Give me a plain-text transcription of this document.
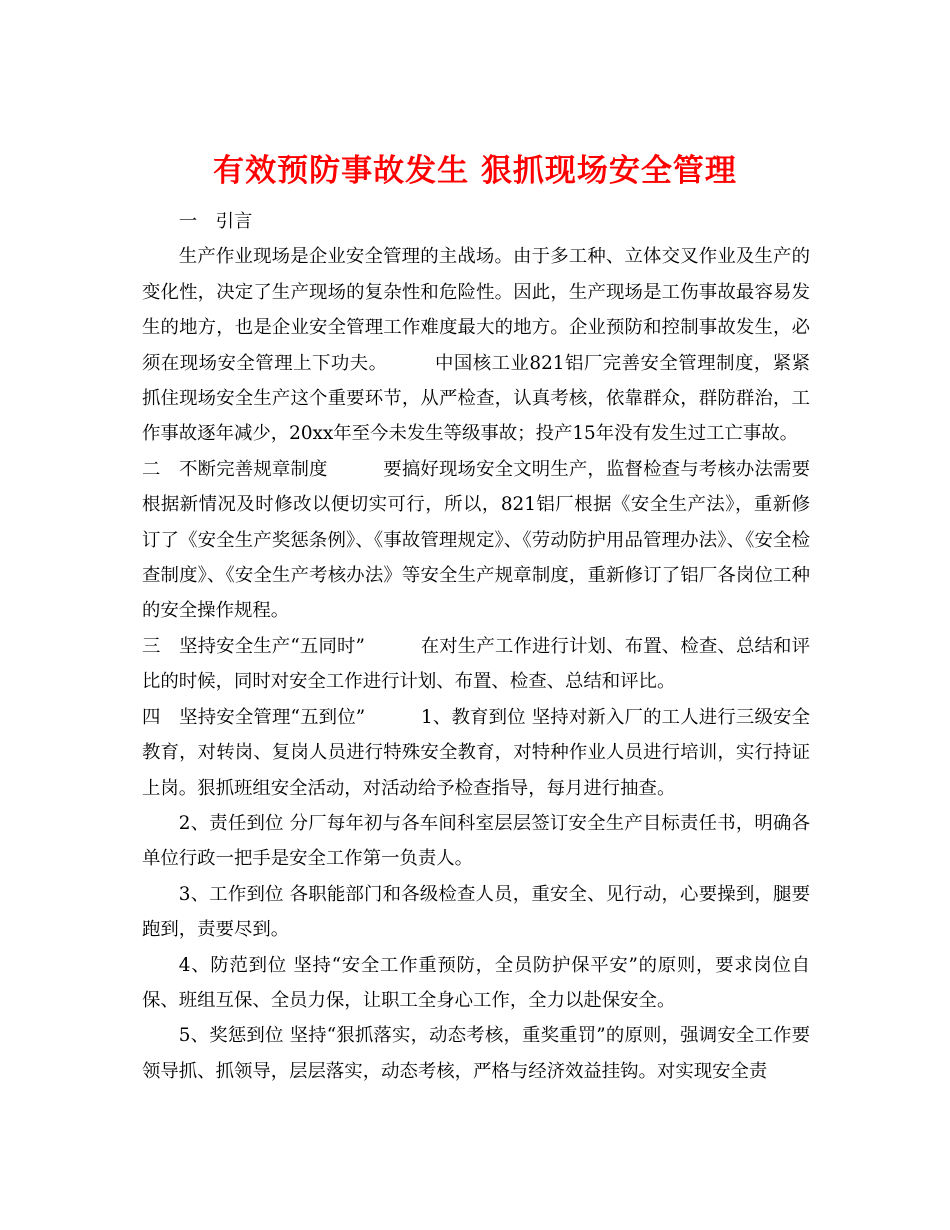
有效预防事故发生 狠抓现场安全管理

一　引言

生产作业现场是企业安全管理的主战场。由于多工种、立体交叉作业及生产的变化性，决定了生产现场的复杂性和危险性。因此，生产现场是工伤事故最容易发生的地方，也是企业安全管理工作难度最大的地方。企业预防和控制事故发生，必须在现场安全管理上下功夫。　　　中国核工业821铝厂完善安全管理制度，紧紧抓住现场安全生产这个重要环节，从严检查，认真考核，依靠群众，群防群治，工作事故逐年减少，20xx年至今未发生等级事故；投产15年没有发生过工亡事故。

二　不断完善规章制度　　　要搞好现场安全文明生产，监督检查与考核办法需要根据新情况及时修改以便切实可行，所以，821铝厂根据《安全生产法》，重新修订了《安全生产奖惩条例》、《事故管理规定》、《劳动防护用品管理办法》、《安全检查制度》、《安全生产考核办法》等安全生产规章制度，重新修订了铝厂各岗位工种的安全操作规程。

三　坚持安全生产“五同时”　　　在对生产工作进行计划、布置、检查、总结和评比的时候，同时对安全工作进行计划、布置、检查、总结和评比。

四　坚持安全管理“五到位”　　　1、教育到位 坚持对新入厂的工人进行三级安全教育，对转岗、复岗人员进行特殊安全教育，对特种作业人员进行培训，实行持证上岗。狠抓班组安全活动，对活动给予检查指导，每月进行抽查。

2、责任到位 分厂每年初与各车间科室层层签订安全生产目标责任书，明确各单位行政一把手是安全工作第一负责人。

3、工作到位 各职能部门和各级检查人员，重安全、见行动，心要操到，腿要跑到，责要尽到。

4、防范到位 坚持“安全工作重预防，全员防护保平安”的原则，要求岗位自保、班组互保、全员力保，让职工全身心工作，全力以赴保安全。

5、奖惩到位 坚持“狠抓落实，动态考核，重奖重罚”的原则，强调安全工作要领导抓、抓领导，层层落实，动态考核，严格与经济效益挂钩。对实现安全责
